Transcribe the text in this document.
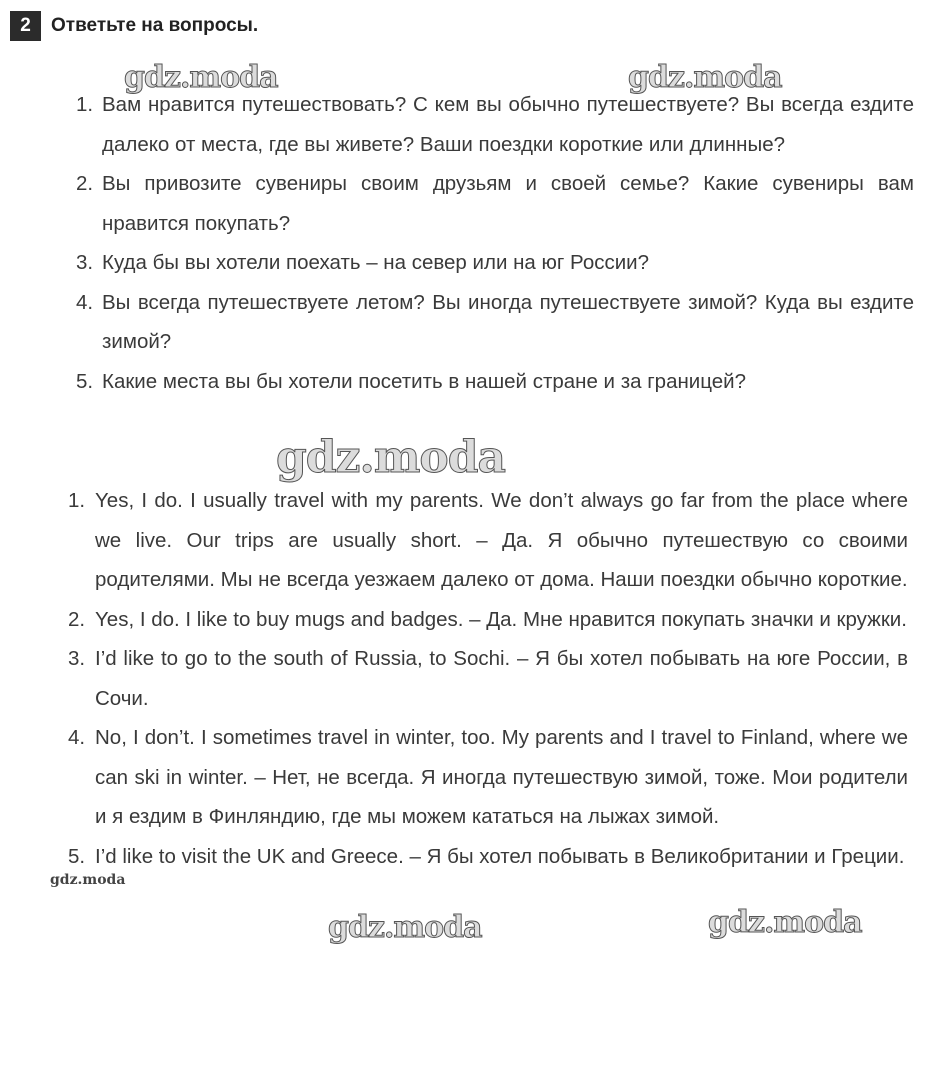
2	Ответьте на вопросы.
1. Вам нравится путешествовать? С кем вы обычно путешествуете? Вы всегда ездите далеко от места, где вы живете? Ваши поездки короткие или длинные?
2. Вы привозите сувениры своим друзьям и своей семье? Какие сувениры вам нравится покупать?
3. Куда бы вы хотели поехать – на север или на юг России?
4. Вы всегда путешествуете летом? Вы иногда путешествуете зимой? Куда вы ездите зимой?
5. Какие места вы бы хотели посетить в нашей стране и за границей?
1. Yes, I do. I usually travel with my parents. We don’t always go far from the place where we live. Our trips are usually short. – Да. Я обычно путешествую со своими родителями. Мы не всегда уезжаем далеко от дома. Наши поездки обычно короткие.
2. Yes, I do. I like to buy mugs and badges. – Да. Мне нравится покупать значки и кружки.
3. I’d like to go to the south of Russia, to Sochi. – Я бы хотел побывать на юге России, в Сочи.
4. No, I don’t. I sometimes travel in winter, too. My parents and I travel to Finland, where we can ski in winter. – Нет, не всегда. Я иногда путешествую зимой, тоже. Мои родители и я ездим в Финляндию, где мы можем кататься на лыжах зимой.
5. I’d like to visit the UK and Greece. – Я бы хотел побывать в Великобритании и Греции.
gdz.moda	gdz.moda
gdz.moda
gdz.moda
gdz.moda	gdz.moda
